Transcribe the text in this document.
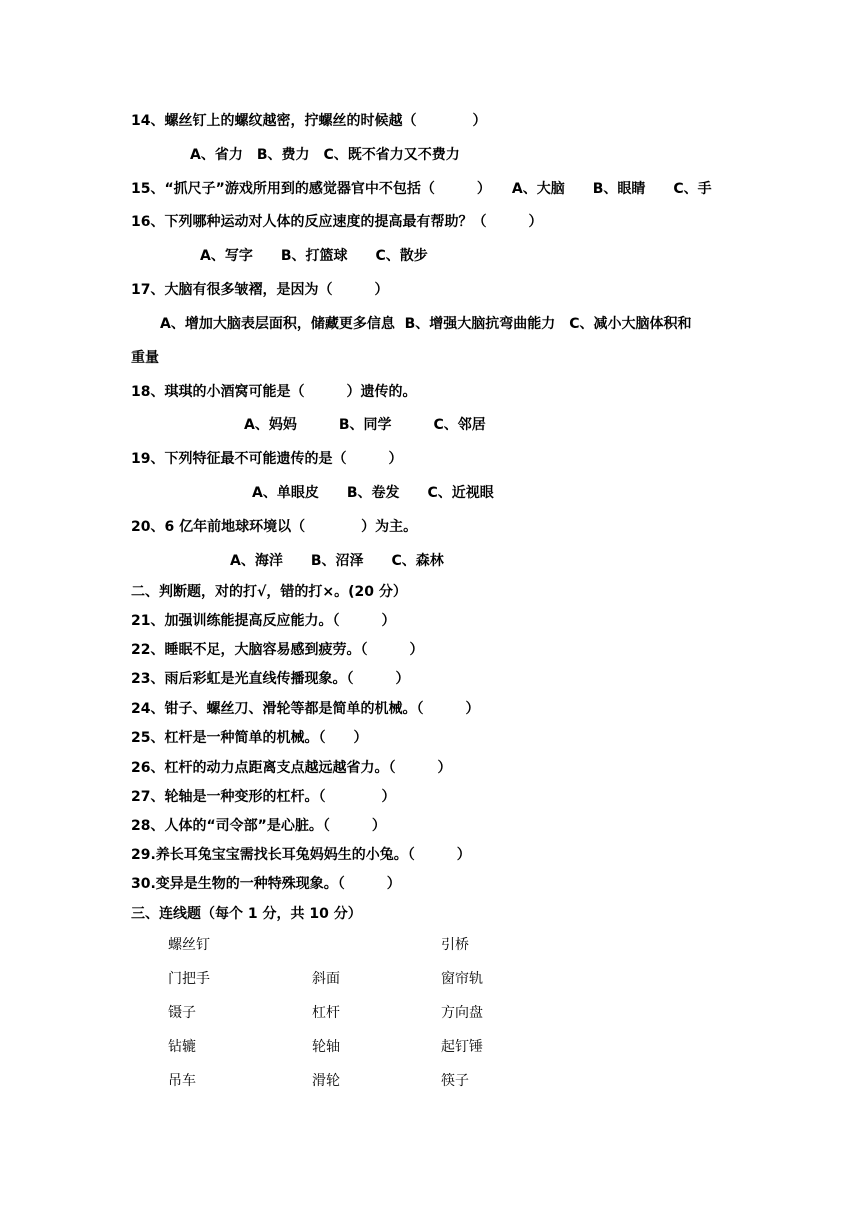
14、螺丝钉上的螺纹越密，拧螺丝的时候越（　　　　）
A、省力　B、费力　C、既不省力又不费力
15、“抓尺子”游戏所用到的感觉器官中不包括（　　　）　　A、大脑　　B、眼睛　　C、手
16、下列哪种运动对人体的反应速度的提高最有帮助？（　　　）
A、写字　　B、打篮球　　C、散步
17、大脑有很多皱褶，是因为（　　　）
A、增加大脑表层面积，储藏更多信息  B、增强大脑抗弯曲能力　C、减小大脑体积和
重量
18、琪琪的小酒窝可能是（　　　）遗传的。
A、妈妈　　　B、同学　　　C、邻居
19、下列特征最不可能遗传的是（　　　）
A、单眼皮　　B、卷发　　C、近视眼
20、6 亿年前地球环境以（　　　　）为主。
A、海洋　　B、沼泽　　C、森林
二、判断题，对的打√，错的打×。(20 分）
21、加强训练能提高反应能力。（　　　）
22、睡眠不足，大脑容易感到疲劳。（　　　）
23、雨后彩虹是光直线传播现象。（　　　）
24、钳子、螺丝刀、滑轮等都是简单的机械。（　　　）
25、杠杆是一种简单的机械。（　　）
26、杠杆的动力点距离支点越远越省力。（　　　）
27、轮轴是一种变形的杠杆。（　　　　）
28、人体的“司令部”是心脏。（　　　）
29.养长耳兔宝宝需找长耳兔妈妈生的小兔。（　　　）
30.变异是生物的一种特殊现象。（　　　）
三、连线题（每个 1 分，共 10 分）
螺丝钉
门把手
镊子
钻辘
吊车
斜面
杠杆
轮轴
滑轮
引桥
窗帘轨
方向盘
起钉锤
筷子
